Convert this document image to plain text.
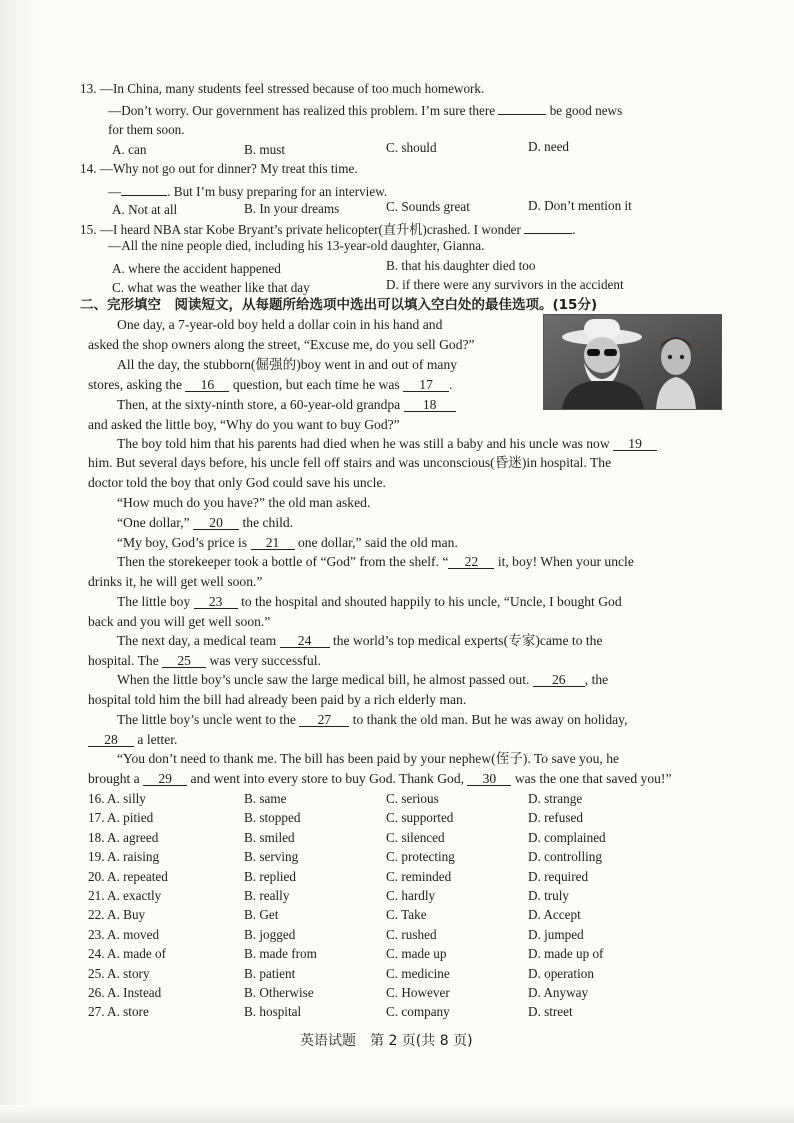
13. —In China, many students feel stressed because of too much homework.
—Don’t worry. Our government has realized this problem. I’m sure there	be good news
for them soon.
A. can	B. must	C. should	D. need
14. —Why not go out for dinner? My treat this time.
—	. But I’m busy preparing for an interview.
A. Not at all	B. In your dreams	C. Sounds great	D. Don’t mention it
15. —I heard NBA star Kobe Bryant’s private helicopter(直升机)crashed. I wonder	.
—All the nine people died, including his 13-year-old daughter, Gianna.
A. where the accident happened	B. that his daughter died too
C. what was the weather like that day	D. if there were any survivors in the accident
二、完形填空　阅读短文，从每题所给选项中选出可以填入空白处的最佳选项。(15分)
One day, a 7-year-old boy held a dollar coin in his hand and
asked the shop owners along the street, “Excuse me, do you sell God?”
All the day, the stubborn(倔强的)boy went in and out of many
stores, asking the 16 question, but each time he was 17 .
Then, at the sixty-ninth store, a 60-year-old grandpa 18
and asked the little boy, “Why do you want to buy God?”
The boy told him that his parents had died when he was still a baby and his uncle was now 19
him. But several days before, his uncle fell off stairs and was unconscious(昏迷)in hospital. The
doctor told the boy that only God could save his uncle.
“How much do you have?” the old man asked.
“One dollar,” 20 the child.
“My boy, God’s price is 21 one dollar,” said the old man.
Then the storekeeper took a bottle of “God” from the shelf. “ 22 it, boy! When your uncle
drinks it, he will get well soon.”
The little boy 23 to the hospital and shouted happily to his uncle, “Uncle, I bought God
back and you will get well soon.”
The next day, a medical team 24 the world’s top medical experts(专家)came to the
hospital. The 25 was very successful.
When the little boy’s uncle saw the large medical bill, he almost passed out. 26 , the
hospital told him the bill had already been paid by a rich elderly man.
The little boy’s uncle went to the 27 to thank the old man. But he was away on holiday,
28 a letter.
“You don’t need to thank me. The bill has been paid by your nephew(侄子). To save you, he
brought a 29 and went into every store to buy God. Thank God, 30 was the one that saved you!”
16. A. silly	B. same	C. serious	D. strange
17. A. pitied	B. stopped	C. supported	D. refused
18. A. agreed	B. smiled	C. silenced	D. complained
19. A. raising	B. serving	C. protecting	D. controlling
20. A. repeated	B. replied	C. reminded	D. required
21. A. exactly	B. really	C. hardly	D. truly
22. A. Buy	B. Get	C. Take	D. Accept
23. A. moved	B. jogged	C. rushed	D. jumped
24. A. made of	B. made from	C. made up	D. made up of
25. A. story	B. patient	C. medicine	D. operation
26. A. Instead	B. Otherwise	C. However	D. Anyway
27. A. store	B. hospital	C. company	D. street
英语试题　第 2 页(共 8 页)
